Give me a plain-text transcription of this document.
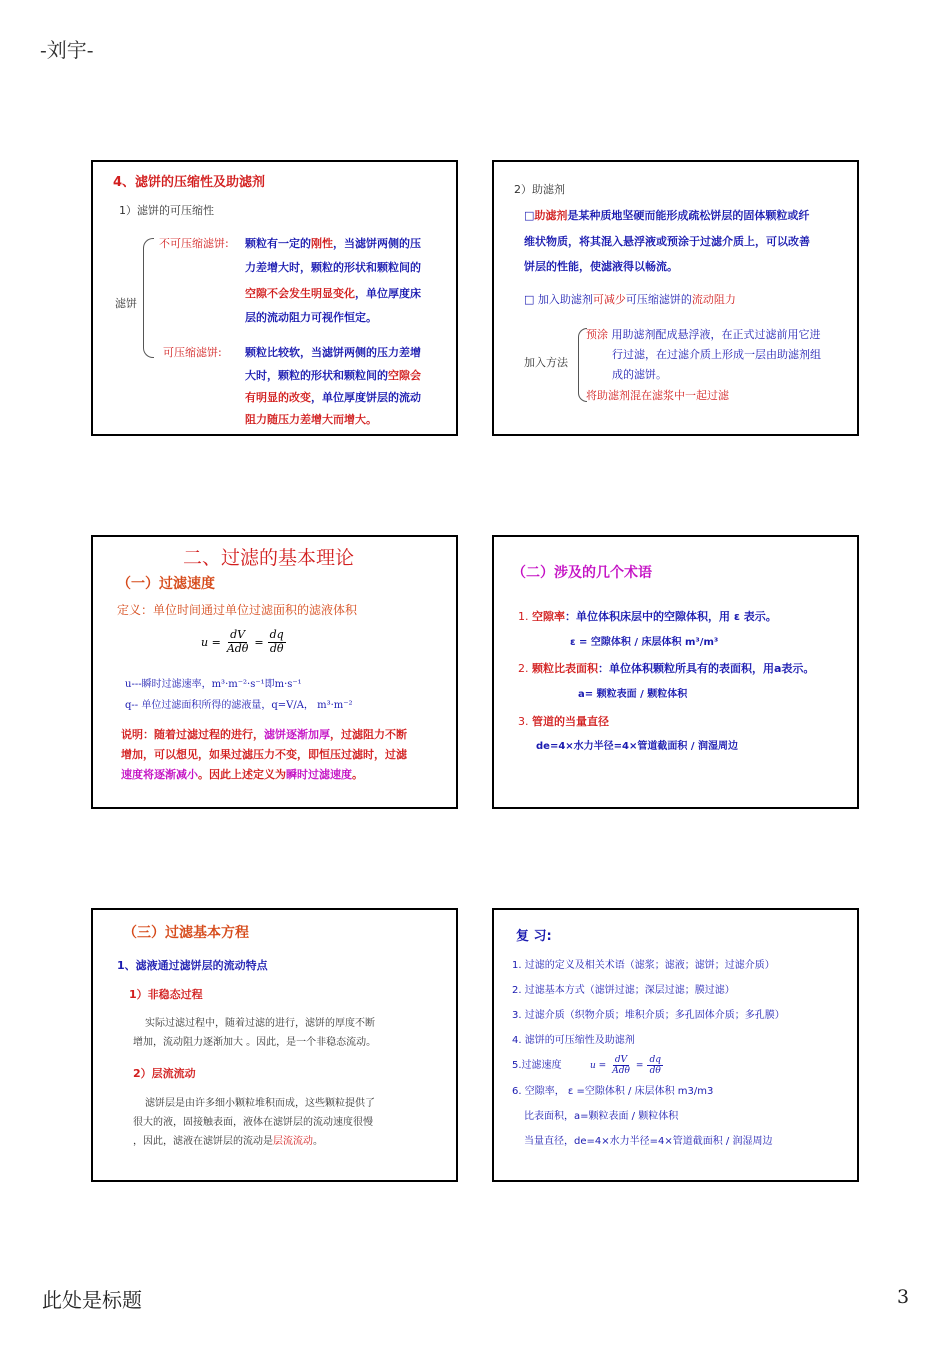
-刘宇-
4、滤饼的压缩性及助滤剂
1）滤饼的可压缩性
滤饼
不可压缩滤饼: 颗粒有一定的刚性，当滤饼两侧的压
力差增大时，颗粒的形状和颗粒间的
空隙不会发生明显变化，单位厚度床
层的流动阻力可视作恒定。
可压缩滤饼: 颗粒比较软，当滤饼两侧的压力差增
大时，颗粒的形状和颗粒间的空隙会
有明显的改变，单位厚度饼层的流动
阻力随压力差增大而增大。
2）助滤剂
□助滤剂是某种质地坚硬而能形成疏松饼层的固体颗粒或纤
维状物质，将其混入悬浮液或预涂于过滤介质上，可以改善
饼层的性能，使滤液得以畅流。
□ 加入助滤剂可减少可压缩滤饼的流动阻力
加入方法
预涂 用助滤剂配成悬浮液，在正式过滤前用它进
行过滤，在过滤介质上形成一层由助滤剂组
成的滤饼。
将助滤剂混在滤浆中一起过滤
二、过滤的基本理论
（一）过滤速度
定义：单位时间通过单位过滤面积的滤液体积
$u = \frac{dV}{\text{Adθ}} = \frac{dq}{d\theta}$
u---瞬时过滤速率，m³·m⁻²·s⁻¹即m·s⁻¹
q-- 单位过滤面积所得的滤液量，q=V/A， m³·m⁻²
说明：随着过滤过程的进行，滤饼逐渐加厚，过滤阻力不断
增加，可以想见，如果过滤压力不变，即恒压过滤时，过滤
速度将逐渐减小。因此上述定义为瞬时过滤速度。
（二）涉及的几个术语
1. 空隙率：单位体积床层中的空隙体积，用 ε 表示。
ε = 空隙体积 / 床层体积 m³/m³
2. 颗粒比表面积：单位体积颗粒所具有的表面积，用a表示。
a= 颗粒表面 / 颗粒体积
3. 管道的当量直径
de=4×水力半径=4×管道截面积 / 润湿周边
（三）过滤基本方程
1、滤液通过滤饼层的流动特点
1）非稳态过程
实际过滤过程中，随着过滤的进行，滤饼的厚度不断
增加，流动阻力逐渐加大 。因此，是一个非稳态流动。
2）层流流动
滤饼层是由许多细小颗粒堆积而成，这些颗粒提供了
很大的液，固接触表面，液体在滤饼层的流动速度很慢
，因此，滤液在滤饼层的流动是层流流动。
复 习:
1. 过滤的定义及相关术语（滤浆；滤液；滤饼；过滤介质）
2. 过滤基本方式（滤饼过滤；深层过滤；膜过滤）
3. 过滤介质（织物介质；堆积介质；多孔固体介质；多孔膜）
4. 滤饼的可压缩性及助滤剂
5.过滤速度	$u = \frac{dV}{\text{Adθ}} = \frac{dq}{d\theta}$
6. 空隙率， ε =空隙体积 / 床层体积 m3/m3
比表面积，a=颗粒表面 / 颗粒体积
当量直径，de=4×水力半径=4×管道截面积 / 润湿周边
此处是标题	3
